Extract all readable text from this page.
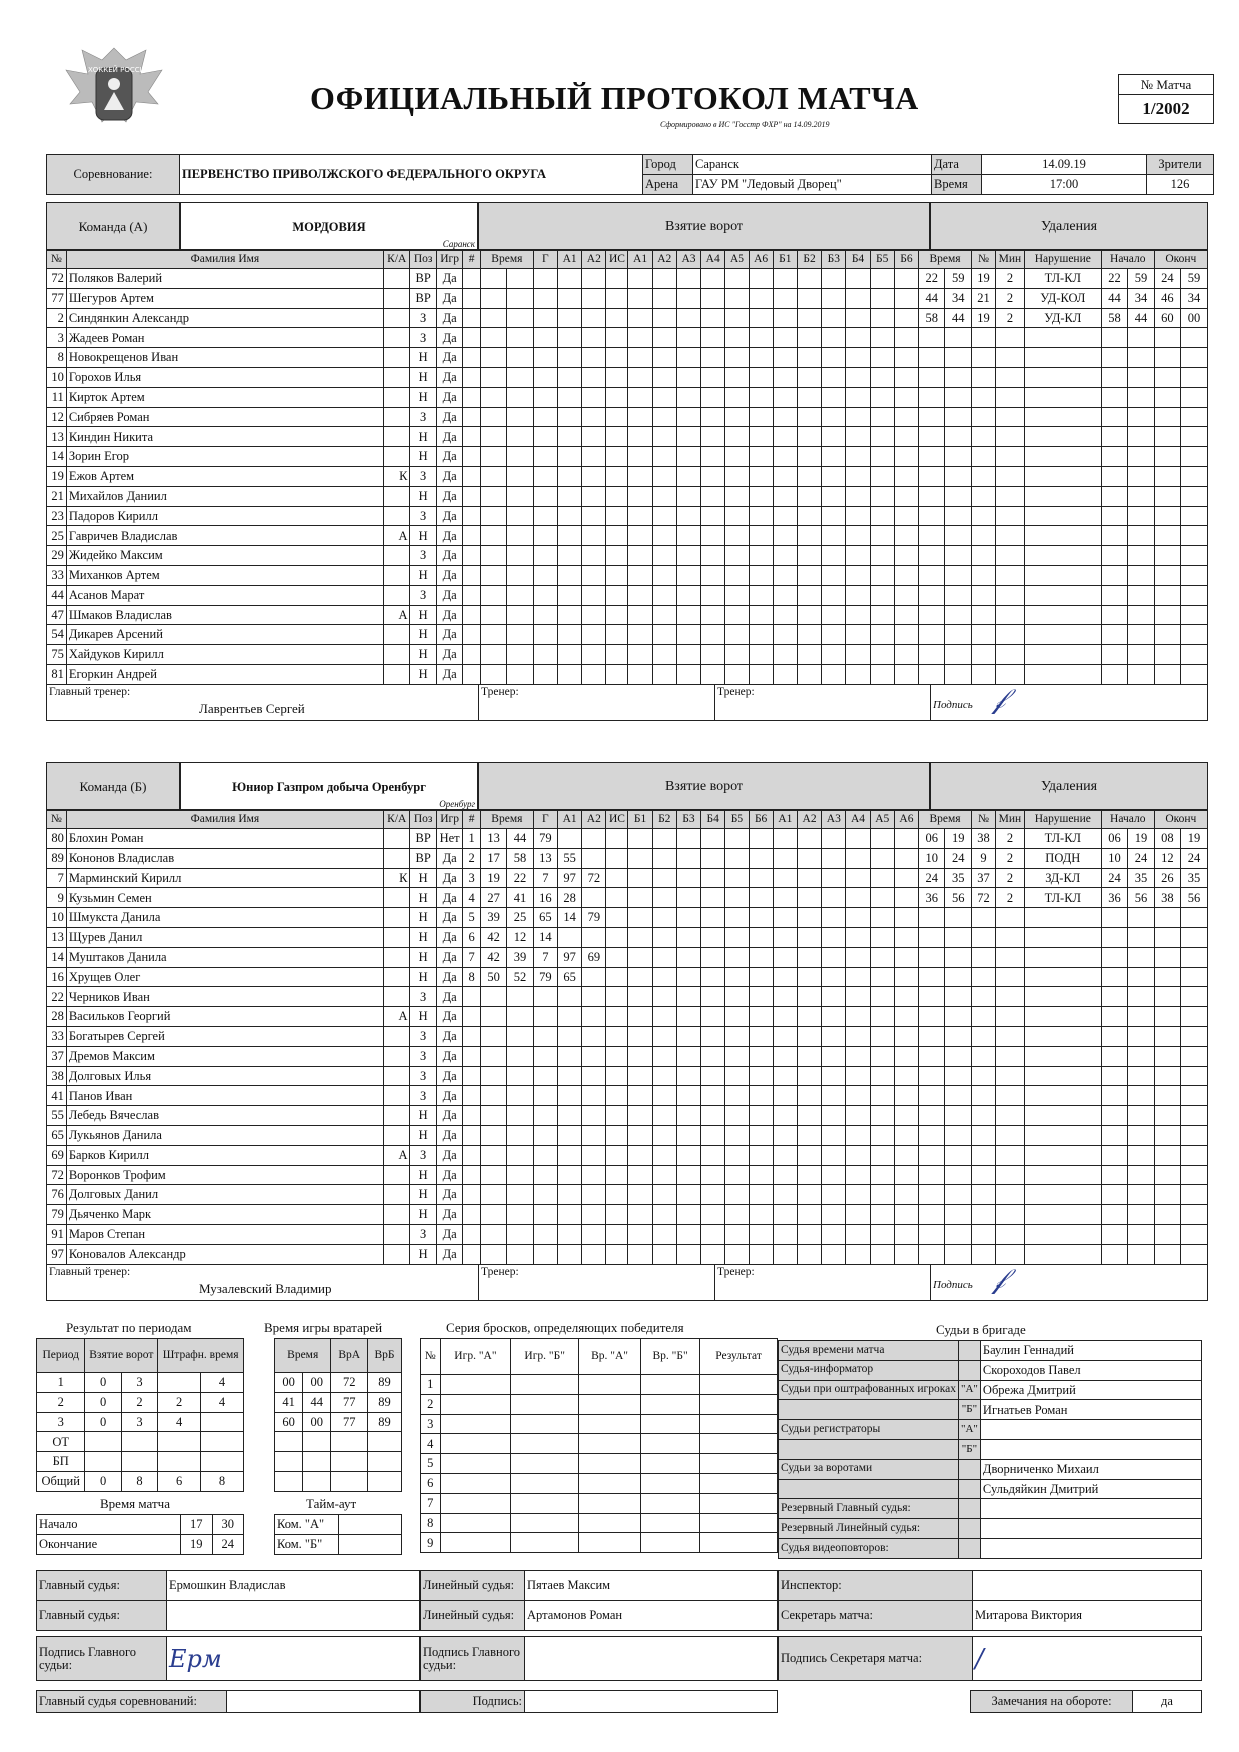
ХОККЕЙ РОССИИ
ОФИЦИАЛЬНЫЙ ПРОТОКОЛ МАТЧА
Сформировано в ИС "Госстр ФХР" на 14.09.2019
№ Матча
1/2002
Соревнование:	ПЕРВЕНСТВО ПРИВОЛЖСКОГО ФЕДЕРАЛЬНОГО ОКРУГА	Город	Саранск	Дата	14.09.19	Зрители
		Арена	ГАУ РМ "Ледовый Дворец"	Время	17:00	126
Команда (А)	МОРДОВИЯ
Саранск
Взятие ворот	Удаления
№	Фамилия Имя	К/А	Поз	Игр	#	Время		Г	А1	А2	ИС	А1	А2	А3	А4	А5	А6	Б1	Б2	Б3	Б4	Б5	Б6	Время		№	Мин	Нарушение	Начало		Оконч	
72	Поляков Валерий		ВР	Да																				22	59	19	2	ТЛ-КЛ	22	59	24	59
77	Шегуров Артем		ВР	Да																				44	34	21	2	УД-КОЛ	44	34	46	34
2	Синдянкин Александр		З	Да																				58	44	19	2	УД-КЛ	58	44	60	00
3	Жадеев Роман		З	Да																												
8	Новокрещенов Иван		Н	Да																												
10	Горохов Илья		Н	Да																												
11	Кирток Артем		Н	Да																												
12	Сибряев Роман		З	Да																												
13	Киндин Никита		Н	Да																												
14	Зорин Егор		Н	Да																												
19	Ежов Артем	К	З	Да																												
21	Михайлов Даниил		Н	Да																												
23	Падоров Кирилл		З	Да																												
25	Гавричев Владислав	А	Н	Да																												
29	Жидейко Максим		З	Да																												
33	Миханков Артем		Н	Да																												
44	Асанов Марат		З	Да																												
47	Шмаков Владислав	А	Н	Да																												
54	Дикарев Арсений		Н	Да																												
75	Хайдуков Кирилл		Н	Да																												
81	Егоркин Андрей		Н	Да																												
Главный тренер:
Лаврентьев Сергей

Тренер:	Тренер:
	Подпись 𝒻
Команда (Б)	Юниор Газпром добыча Оренбург
Оренбург
Взятие ворот	Удаления
№	Фамилия Имя	К/А	Поз	Игр	#	Время		Г	А1	А2	ИС	Б1	Б2	Б3	Б4	Б5	Б6	А1	А2	А3	А4	А5	А6	Время		№	Мин	Нарушение	Начало		Оконч	
80	Блохин Роман		ВР	Нет	1	13	44	79																06	19	38	2	ТЛ-КЛ	06	19	08	19
89	Кононов Владислав		ВР	Да	2	17	58	13	55															10	24	9	2	ПОДН	10	24	12	24
7	Марминский Кирилл	К	Н	Да	3	19	22	7	97	72														24	35	37	2	ЗД-КЛ	24	35	26	35
9	Кузьмин Семен		Н	Да	4	27	41	16	28															36	56	72	2	ТЛ-КЛ	36	56	38	56
10	Шмукста Данила		Н	Да	5	39	25	65	14	79																						
13	Щурев Данил		Н	Да	6	42	12	14																								
14	Муштаков Данила		Н	Да	7	42	39	7	97	69																						
16	Хрущев Олег		Н	Да	8	50	52	79	65																							
22	Черников Иван		З	Да																												
28	Васильков Георгий	А	Н	Да																												
33	Богатырев Сергей		З	Да																												
37	Дремов Максим		З	Да																												
38	Долговых Илья		З	Да																												
41	Панов Иван		З	Да																												
55	Лебедь Вячеслав		Н	Да																												
65	Лукьянов Данила		Н	Да																												
69	Барков Кирилл	А	З	Да																												
72	Воронков Трофим		Н	Да																												
76	Долговых Данил		Н	Да																												
79	Дьяченко Марк		Н	Да																												
91	Маров Степан		З	Да																												
97	Коновалов Александр		Н	Да																												
Главный тренер:
Музалевский Владимир

Тренер:	Тренер:
	Подпись 𝒻
Результат по периодам
Период	Взятие ворот		Штрафн. время	
1	0	3		4
2	0	2	2	4
3	0	3	4	
ОТ				
БП				
Общий	0	8	6	8
Время игры вратарей
Время		ВрА	ВрБ
00	00	72	89
41	44	77	89
60	00	77	89

Время матча
Начало	17	30
Окончание	19	24
Тайм-аут
Ком. "А"	
Ком. "Б"	
Серия бросков, определяющих победителя
№	Игр. "А"	Игр. "Б"	Вр. "А"	Вр. "Б"	Результат
1					
2					
3					
4					
5					
6					
7					
8					
9					
Судьи в бригаде
Судья времени матча		Баулин Геннадий
Судья-информатор		Скороходов Павел
Судьи при оштрафованных игроках	"А"	Обрежа Дмитрий
	"Б"	Игнатьев Роман
Судьи регистраторы	"А"	
	"Б"	
Судьи за воротами		Дворниченко Михаил
		Сульдяйкин Дмитрий
Резервный Главный судья:		
Резервный Линейный судья:		
Судья видеоповторов:		
Главный судья:	Ермошкин Владислав
Главный судья:	
Линейный судья:	Пятаев Максим
Линейный судья:	Артамонов Роман
Инспектор:	
Секретарь матча:	Митарова Виктория
Подпись Главного судьи:	Ерм	Подпись Главного судьи:		Подпись Секретаря матча:	/
Главный судья соревнований:		Подпись:		Замечания на обороте:	да
